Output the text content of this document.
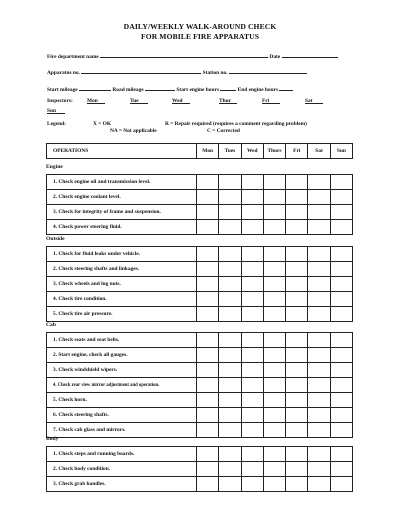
DAILY/WEEKLY WALK-AROUND CHECK
FOR MOBILE FIRE APPARATUS
Fire department name	Date
Apparatus no.	Station no.
Start mileage	Road mileage	Start engine hours	End engine hours
Inspectors:	Mon	Tue	Wed	Thur	Fri	Sat
Sun
Legend:	X = OK	R = Repair required (requires a comment regarding problem)
NA = Not applicable	C = Corrected
OPERATIONS	Mon	Tues	Wed	Thurs	Fri	Sat	Sun
Engine
1. Check engine oil and transmission level.							
2. Check engine coolant level.							
3. Check for integrity of frame and suspension.							
4. Check power steering fluid.							
Outside
1. Check for fluid leaks under vehicle.							
2. Check steering shafts and linkages.							
3. Check wheels and lug nuts.							
4. Check tire condition.							
5. Check tire air pressure.							
Cab
1. Check seats and seat belts.							
2. Start engine, check all gauges.							
3. Check windshield wipers.							
4. Check rear view mirror adjustment and operation.							
5. Check horn.							
6. Check steering shafts.							
7. Check cab glass and mirrors.							
Body
1. Check steps and running boards.							
2. Check body condition.							
3. Check grab handles.							
